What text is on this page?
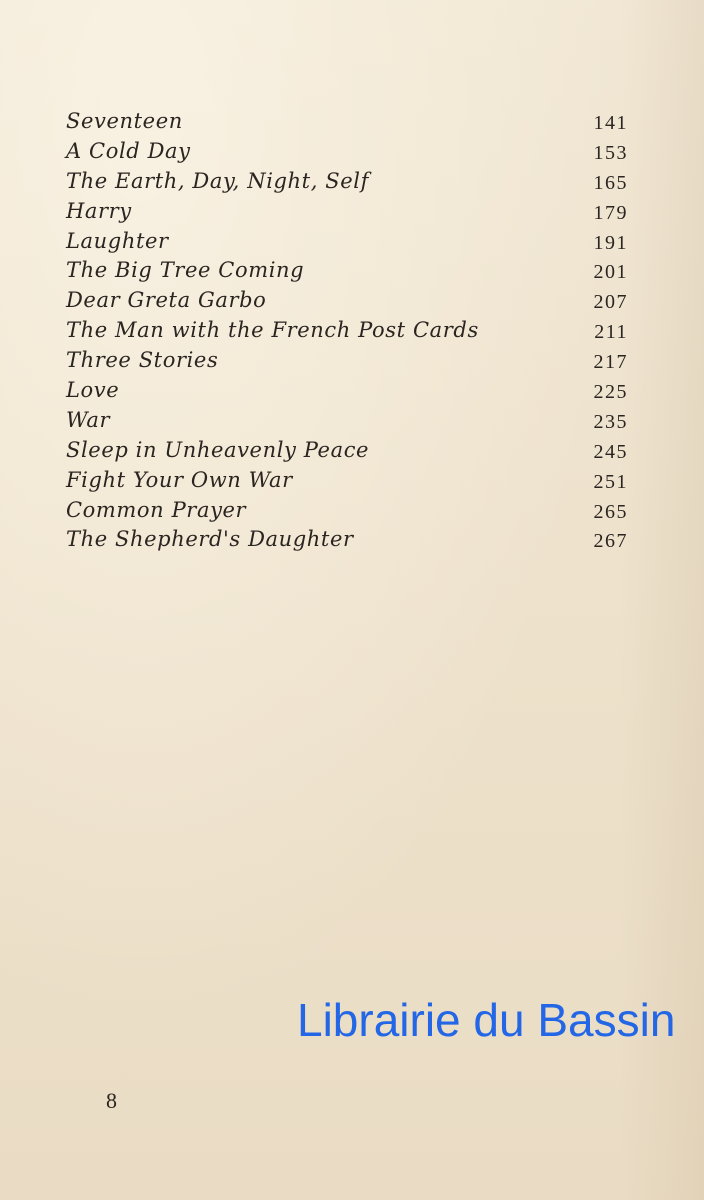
Seventeen	141
A Cold Day	153
The Earth, Day, Night, Self	165
Harry	179
Laughter	191
The Big Tree Coming	201
Dear Greta Garbo	207
The Man with the French Post Cards	211
Three Stories	217
Love	225
War	235
Sleep in Unheavenly Peace	245
Fight Your Own War	251
Common Prayer	265
The Shepherd's Daughter	267
Librairie du Bassin
8
